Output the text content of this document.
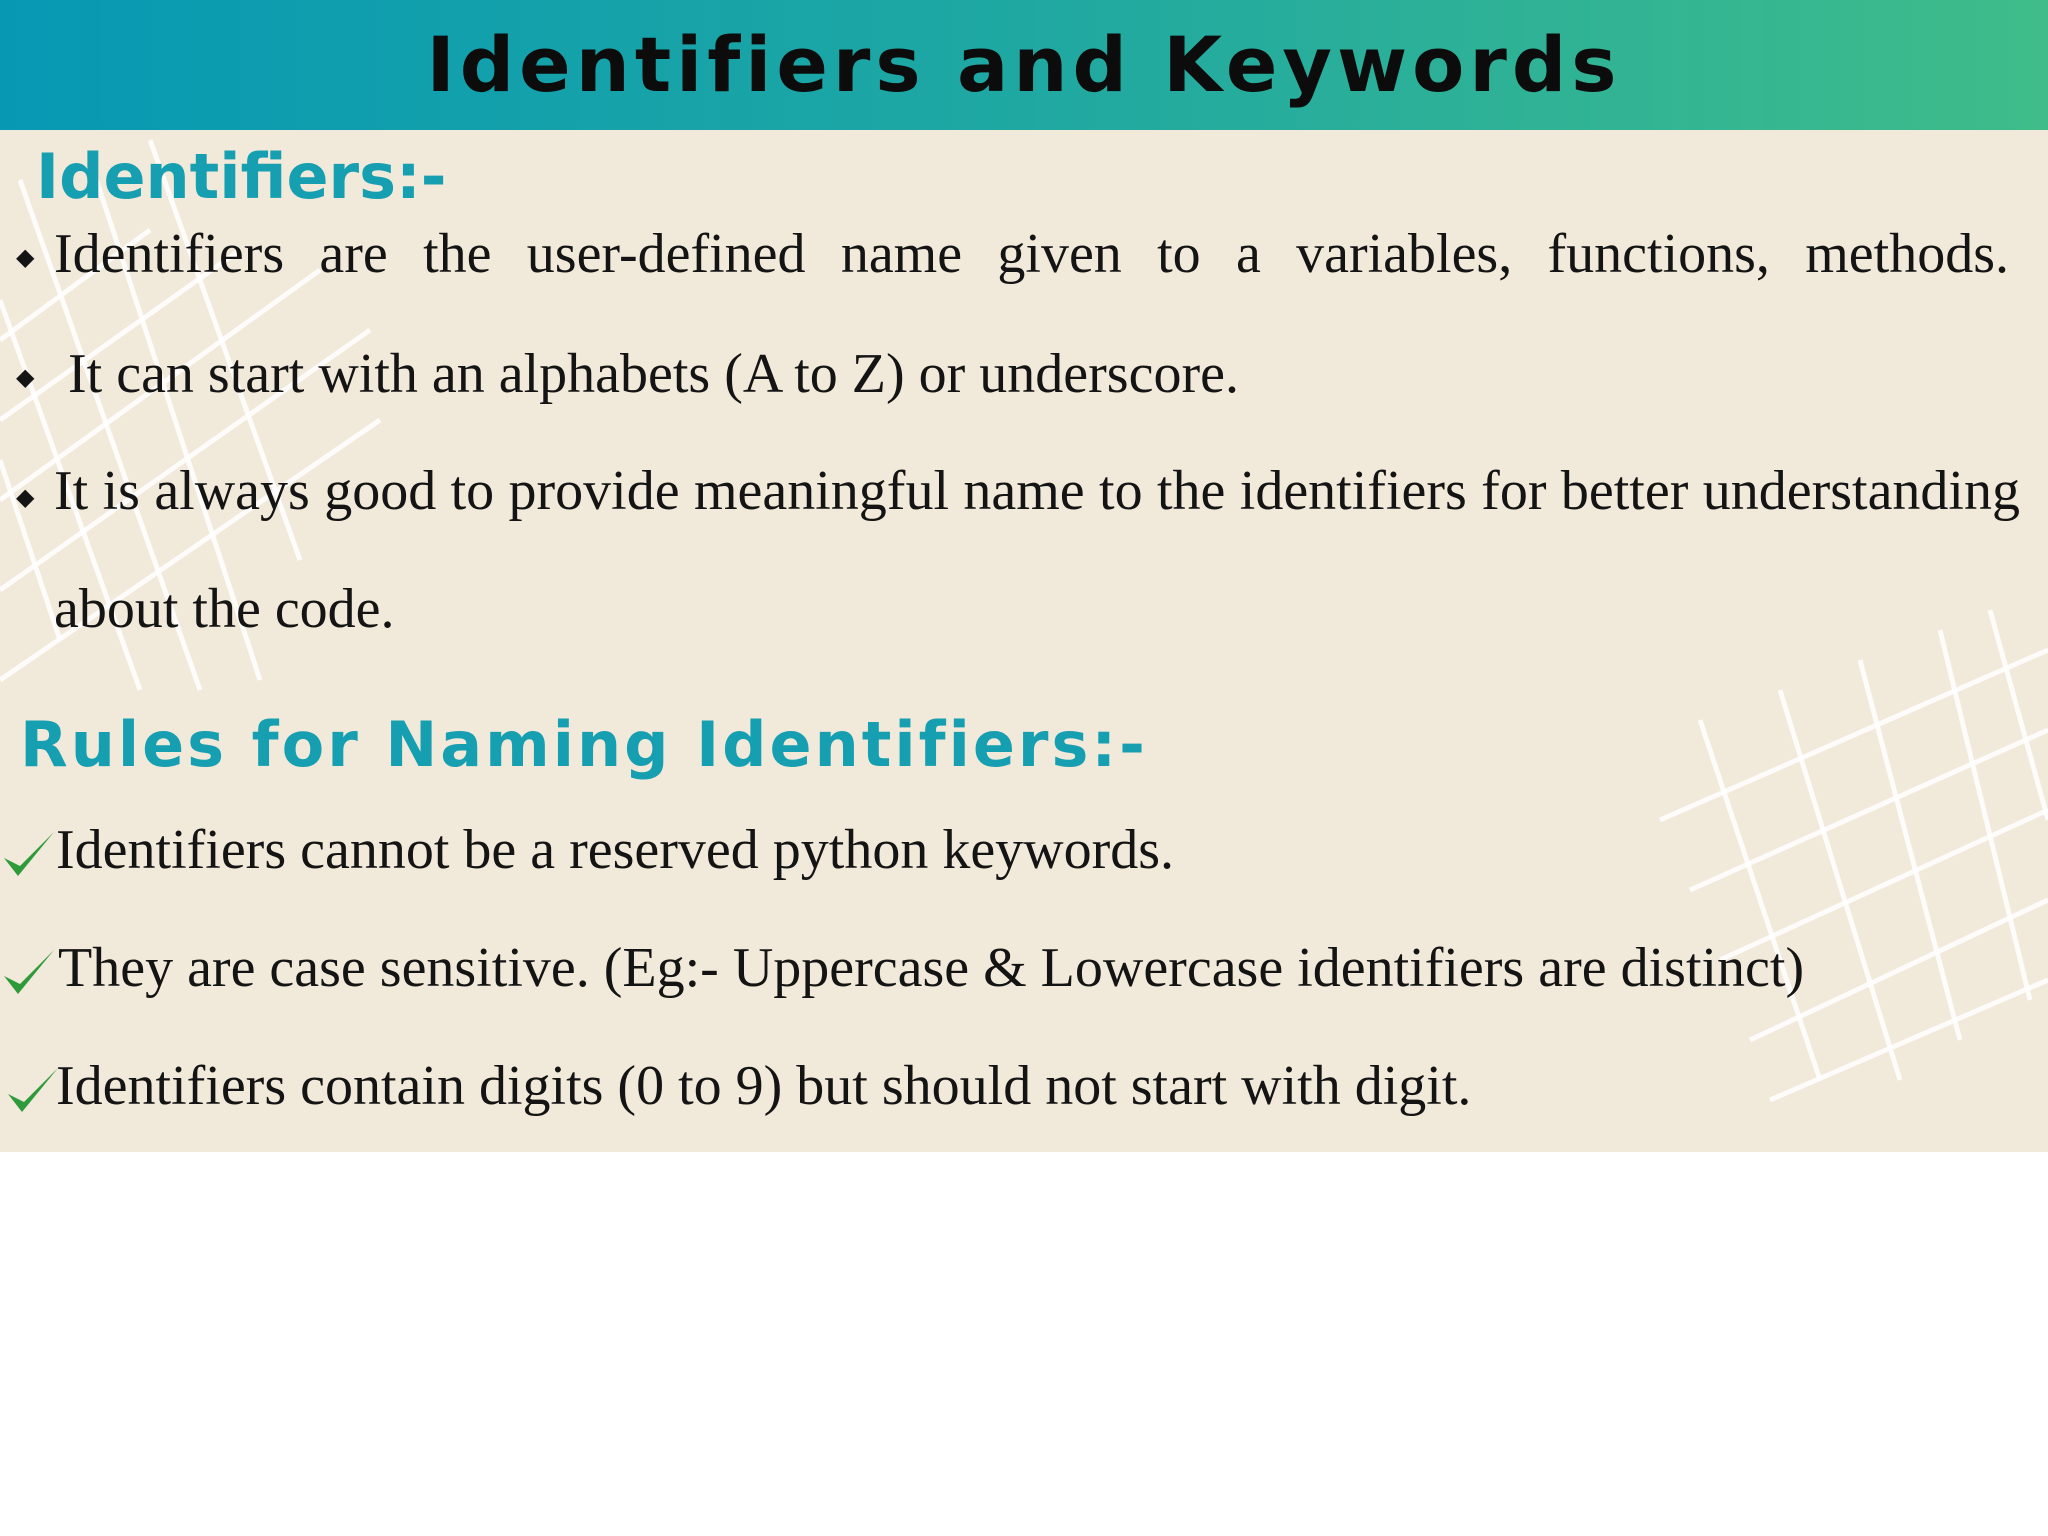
Identifiers and Keywords
Identifiers:-
◆ Identifiers are the user-defined name given to a variables, functions, methods.

◆ It can start with an alphabets (A to Z) or underscore.

◆ It is always good to provide meaningful name to the identifiers for better understanding about the code.

Rules for Naming Identifiers:-

Identifiers cannot be a reserved python keywords.

They are case sensitive. (Eg:- Uppercase & Lowercase identifiers are distinct)

Identifiers contain digits (0 to 9) but should not start with digit.
